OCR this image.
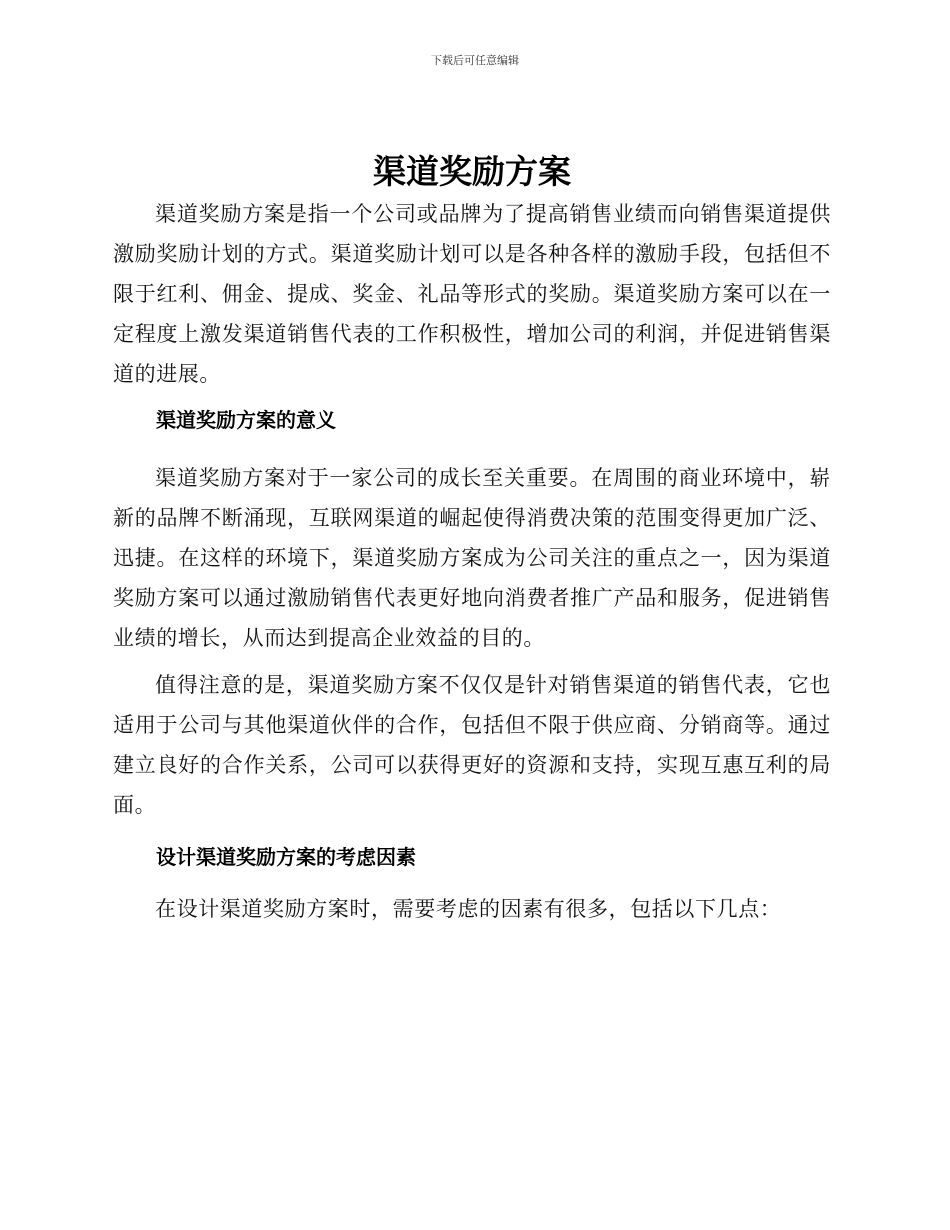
下载后可任意编辑
渠道奖励方案

渠道奖励方案是指一个公司或品牌为了提高销售业绩而向销售渠道提供激励奖励计划的方式。渠道奖励计划可以是各种各样的激励手段，包括但不限于红利、佣金、提成、奖金、礼品等形式的奖励。渠道奖励方案可以在一定程度上激发渠道销售代表的工作积极性，增加公司的利润，并促进销售渠道的进展。

渠道奖励方案的意义

渠道奖励方案对于一家公司的成长至关重要。在周围的商业环境中，崭新的品牌不断涌现，互联网渠道的崛起使得消费决策的范围变得更加广泛、迅捷。在这样的环境下，渠道奖励方案成为公司关注的重点之一，因为渠道奖励方案可以通过激励销售代表更好地向消费者推广产品和服务，促进销售业绩的增长，从而达到提高企业效益的目的。

值得注意的是，渠道奖励方案不仅仅是针对销售渠道的销售代表，它也适用于公司与其他渠道伙伴的合作，包括但不限于供应商、分销商等。通过建立良好的合作关系，公司可以获得更好的资源和支持，实现互惠互利的局面。

设计渠道奖励方案的考虑因素

在设计渠道奖励方案时，需要考虑的因素有很多，包括以下几点：
